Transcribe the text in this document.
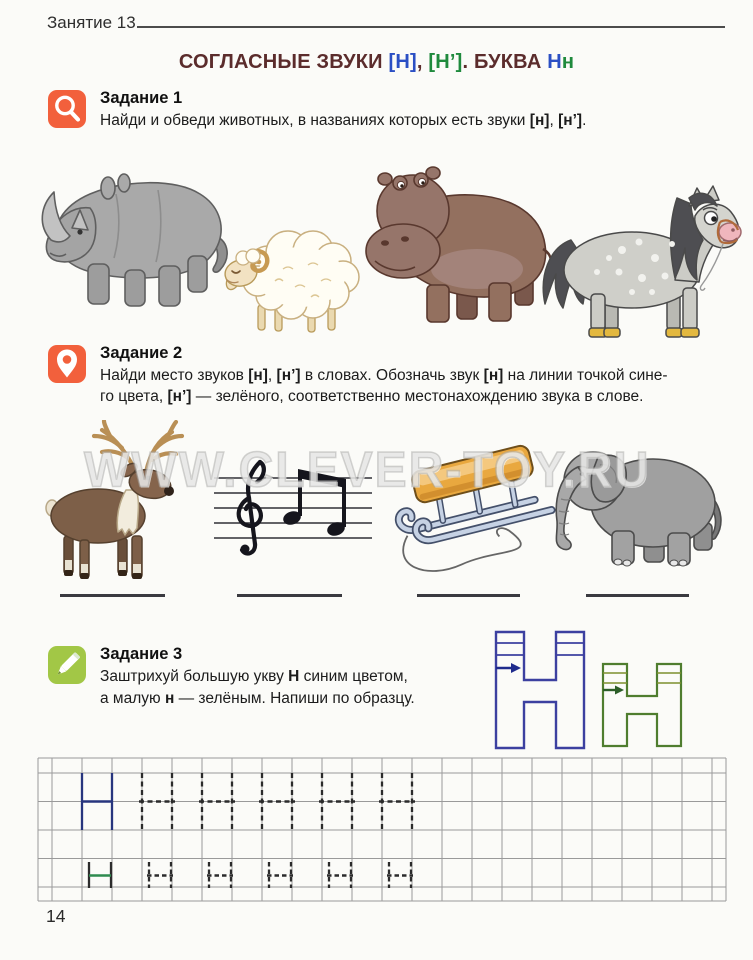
Занятие 13
СОГЛАСНЫЕ ЗВУКИ [Н], [Н’]. БУКВА Нн
Задание 1
Найди и обведи животных, в названиях которых есть звуки [н], [н’].
Задание 2
Найди место звуков [н], [н’] в словах. Обозначь звук [н] на линии точкой сине-
го цвета, [н’] — зелёного, соответственно местонахождению звука в слове.
WWW.CLEVER-TOY.RU
Задание 3
Заштрихуй большую укву Н синим цветом,
а малую н — зелёным. Напиши по образцу.
14
